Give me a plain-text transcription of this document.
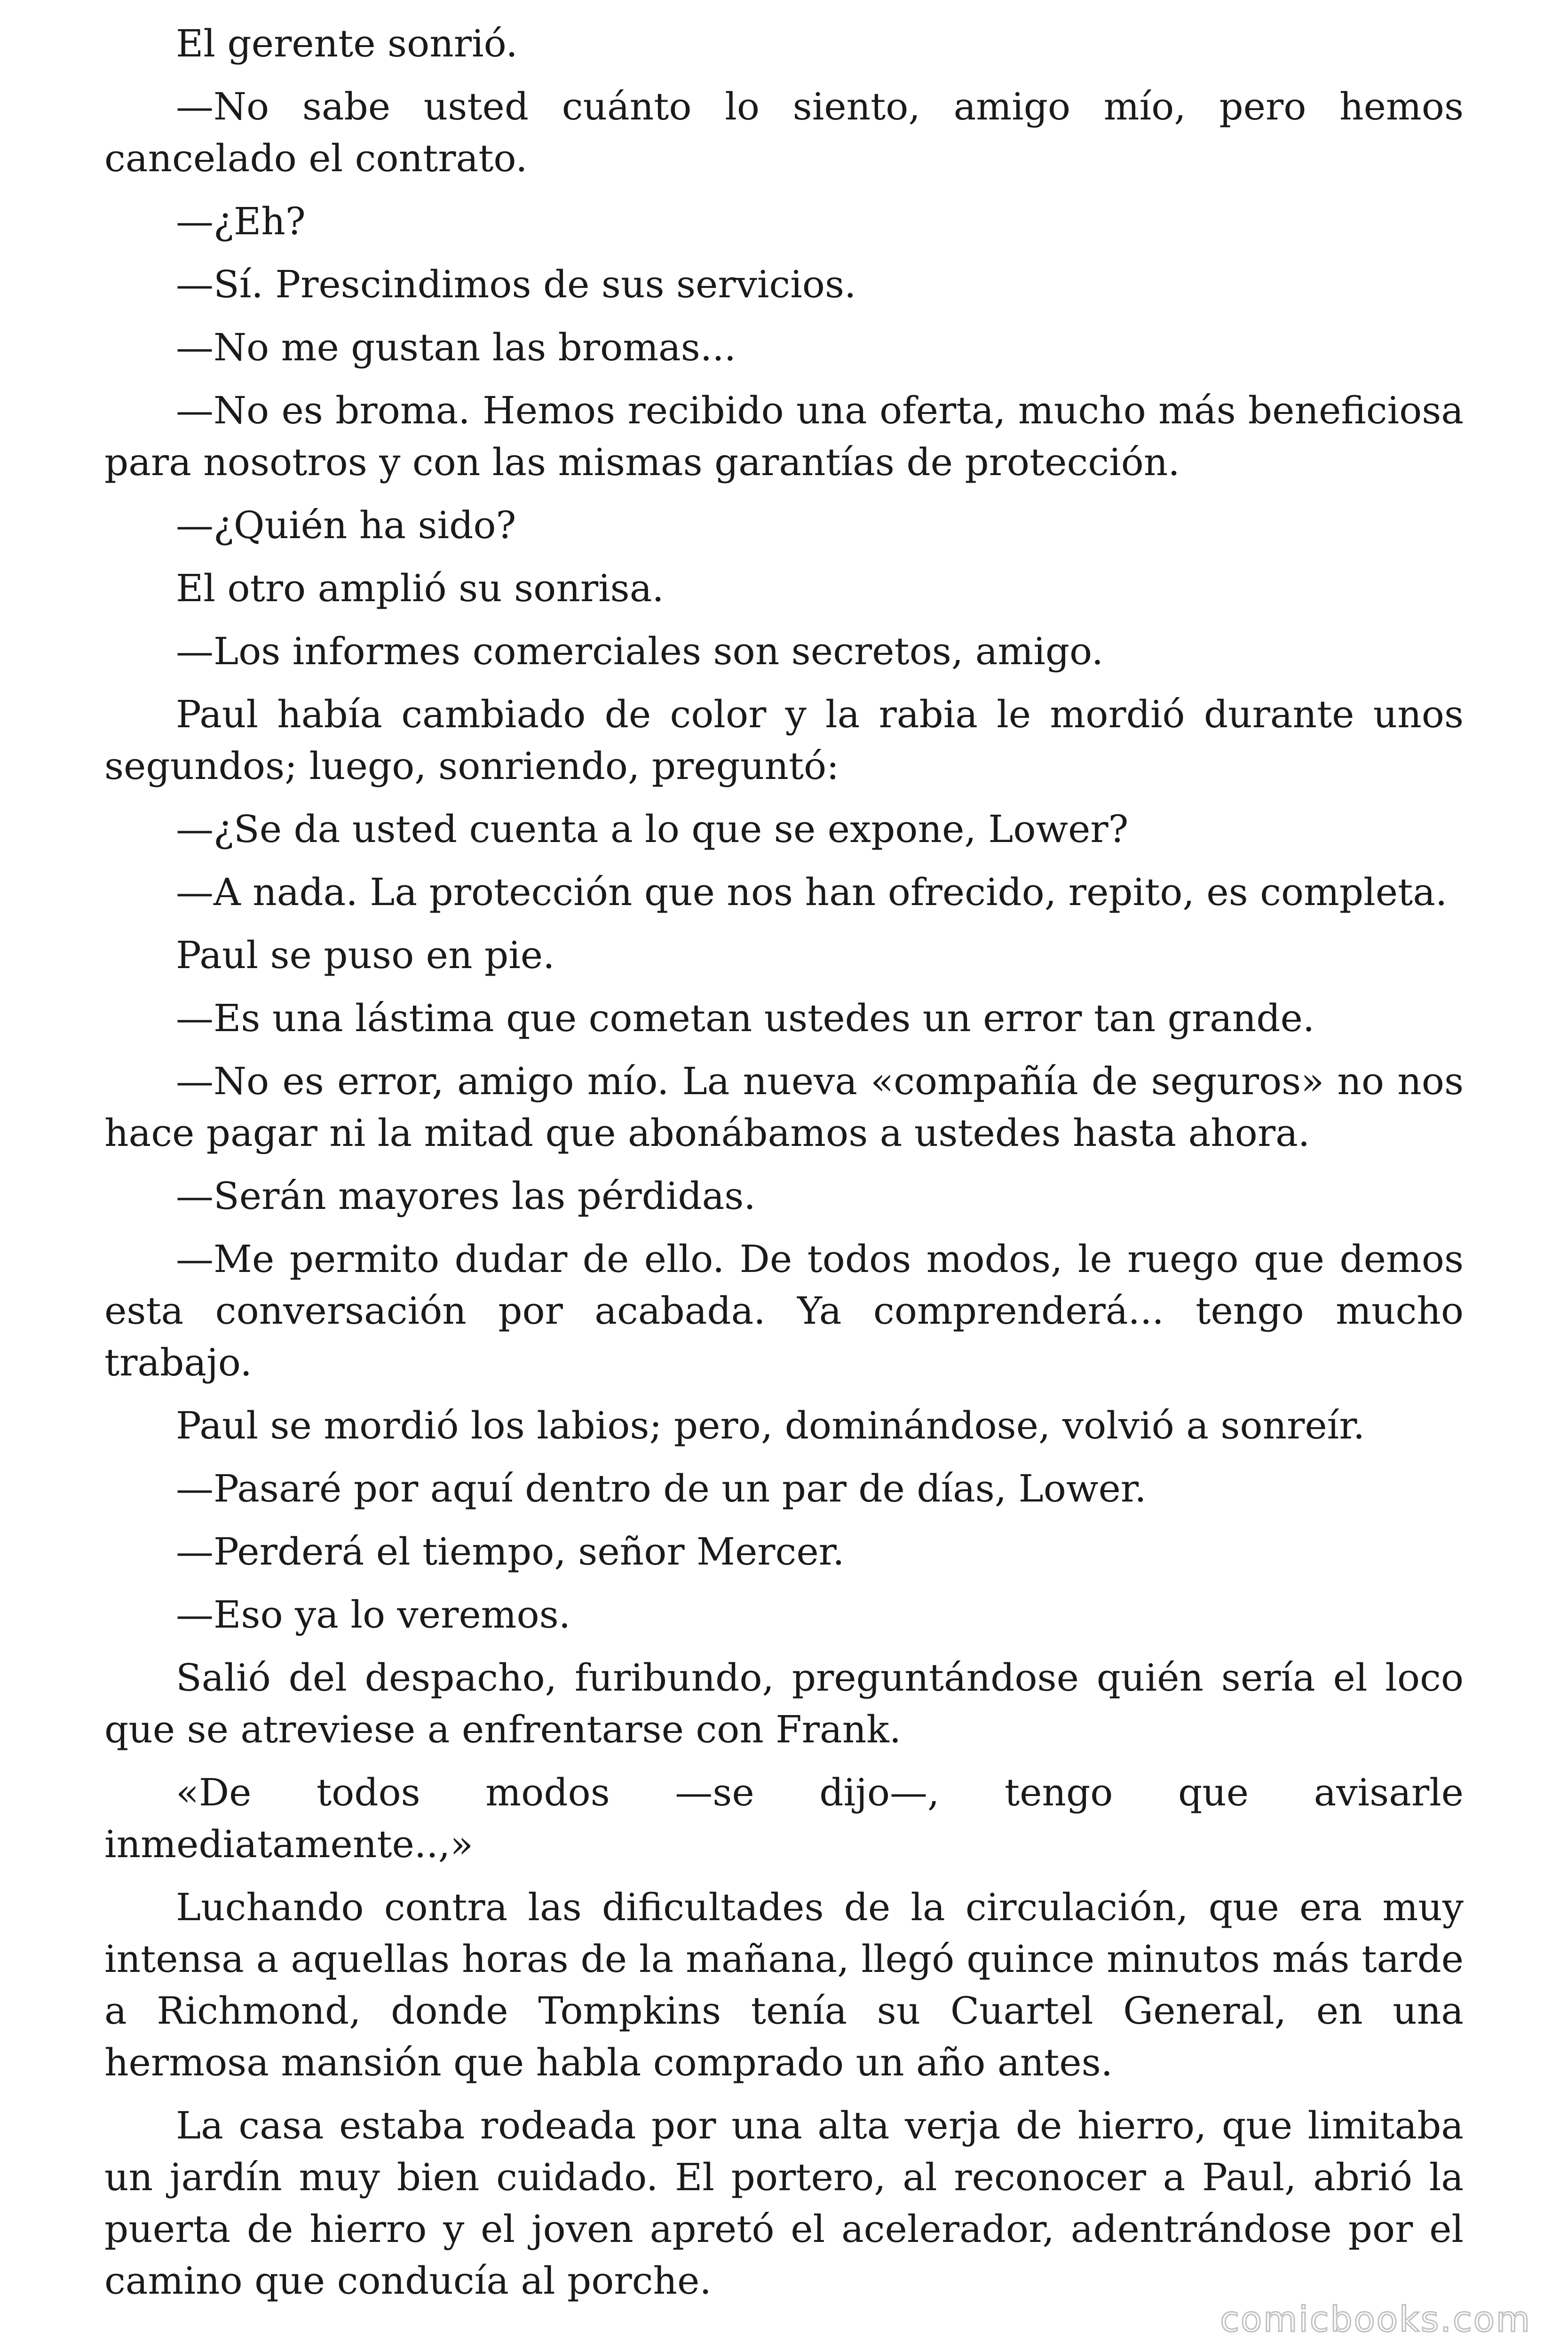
El gerente sonrió.

—No sabe usted cuánto lo siento, amigo mío, pero hemos cancelado el contrato.

—¿Eh?

—Sí. Prescindimos de sus servicios.

—No me gustan las bromas...

—No es broma. Hemos recibido una oferta, mucho más beneficiosa para nosotros y con las mismas garantías de protección.

—¿Quién ha sido?

El otro amplió su sonrisa.

—Los informes comerciales son secretos, amigo.

Paul había cambiado de color y la rabia le mordió durante unos segundos; luego, sonriendo, preguntó:

—¿Se da usted cuenta a lo que se expone, Lower?

—A nada. La protección que nos han ofrecido, repito, es completa.

Paul se puso en pie.

—Es una lástima que cometan ustedes un error tan grande.

—No es error, amigo mío. La nueva «compañía de seguros» no nos hace pagar ni la mitad que abonábamos a ustedes hasta ahora.

—Serán mayores las pérdidas.

—Me permito dudar de ello. De todos modos, le ruego que demos esta conversación por acabada. Ya comprenderá... tengo mucho trabajo.

Paul se mordió los labios; pero, dominándose, volvió a sonreír.

—Pasaré por aquí dentro de un par de días, Lower.

—Perderá el tiempo, señor Mercer.

—Eso ya lo veremos.

Salió del despacho, furibundo, preguntándose quién sería el loco que se atreviese a enfrentarse con Frank.

«De todos modos —se dijo—, tengo que avisarle inmediatamente..,»

Luchando contra las dificultades de la circulación, que era muy intensa a aquellas horas de la mañana, llegó quince minutos más tarde a Richmond, donde Tompkins tenía su Cuartel General, en una hermosa mansión que habla comprado un año antes.

La casa estaba rodeada por una alta verja de hierro, que limitaba un jardín muy bien cuidado. El portero, al reconocer a Paul, abrió la puerta de hierro y el joven apretó el acelerador, adentrándose por el camino que conducía al porche.

comicbooks.com
